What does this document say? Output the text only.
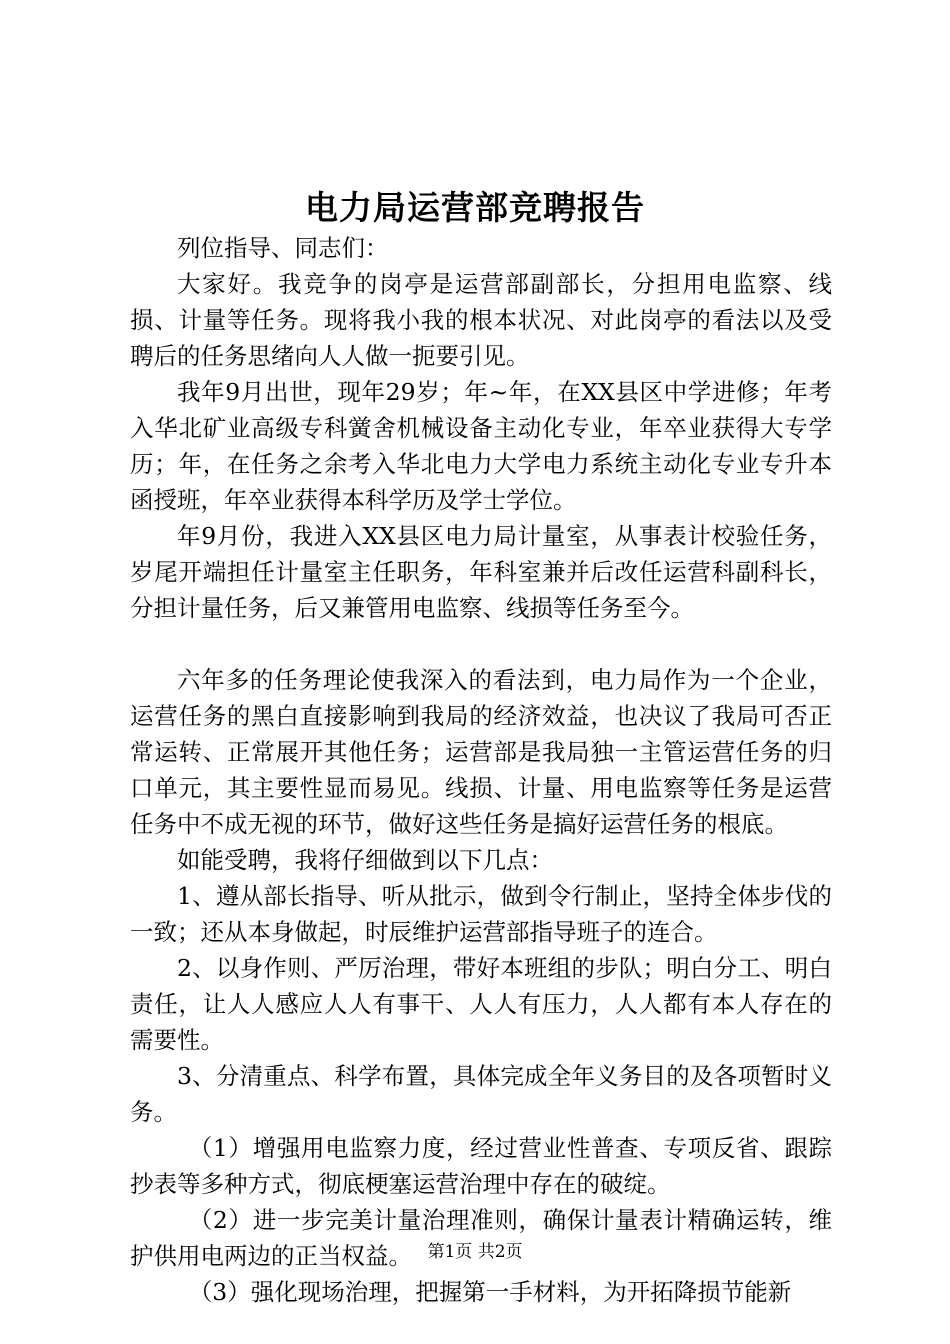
电力局运营部竞聘报告

列位指导、同志们：

大家好。我竞争的岗亭是运营部副部长，分担用电监察、线损、计量等任务。现将我小我的根本状况、对此岗亭的看法以及受聘后的任务思绪向人人做一扼要引见。

我年9月出世，现年29岁；年~年，在XX县区中学进修；年考入华北矿业高级专科黉舍机械设备主动化专业，年卒业获得大专学历；年，在任务之余考入华北电力大学电力系统主动化专业专升本函授班，年卒业获得本科学历及学士学位。

年9月份，我进入XX县区电力局计量室，从事表计校验任务，岁尾开端担任计量室主任职务，年科室兼并后改任运营科副科长，分担计量任务，后又兼管用电监察、线损等任务至今。

六年多的任务理论使我深入的看法到，电力局作为一个企业，运营任务的黑白直接影响到我局的经济效益，也决议了我局可否正常运转、正常展开其他任务；运营部是我局独一主管运营任务的归口单元，其主要性显而易见。线损、计量、用电监察等任务是运营任务中不成无视的环节，做好这些任务是搞好运营任务的根底。

如能受聘，我将仔细做到以下几点：

1、遵从部长指导、听从批示，做到令行制止，坚持全体步伐的一致；还从本身做起，时辰维护运营部指导班子的连合。

2、以身作则、严厉治理，带好本班组的步队；明白分工、明白责任，让人人感应人人有事干、人人有压力，人人都有本人存在的需要性。

3、分清重点、科学布置，具体完成全年义务目的及各项暂时义务。

（1）增强用电监察力度，经过营业性普查、专项反省、跟踪抄表等多种方式，彻底梗塞运营治理中存在的破绽。

（2）进一步完美计量治理准则，确保计量表计精确运转，维护供用电两边的正当权益。

（3）强化现场治理，把握第一手材料，为开拓降损节能新

第1页 共2页
